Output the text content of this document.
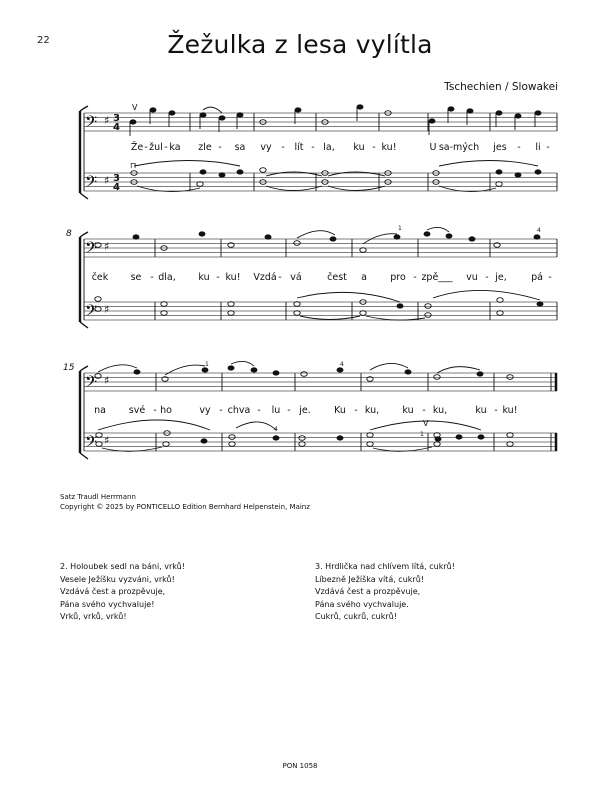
22	Žežulka z lesa vylítla
Tschechien / Slowakei
𝄢 ♯ 3
4
𝄢 ♯ 3
4
𝄢 ♯
𝄢 ♯
𝄢 ♯
𝄢 ♯
8
15
V
⊓
V
1	4
1	4
4
1
♯
♯
Že - žul - ka zle - sa vy - lít - la, ku - ku!	U sa-mých jes - li -
ček se - dla, ku - ku! Vzdá - vá	čest a pro - zpě___ vu - je,	pá -
na své - ho	vy - chva - lu - je. Ku - ku, ku - ku,	ku - ku!
Satz Traudl Herrmann
Copyright © 2025 by PONTICELLO Edition Bernhard Helpenstein, Mainz
2. Holoubek sedl na báni, vrků!
Vesele Ježíšku vyzváni, vrků!
Vzdává čest a prozpěvuje,
Pána svého vychvaluje!
Vrků, vrků, vrků!
3. Hrdlička nad chlívem lítá, cukrů!
Líbezně Ježíška vítá, cukrů!
Vzdává čest a prozpěvuje,
Pána svého vychvaluje.
Cukrů, cukrů, cukrů!
PON 1058
